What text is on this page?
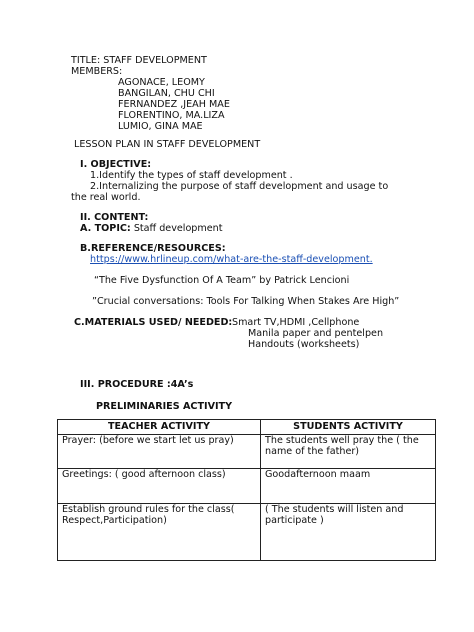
TITLE: STAFF DEVELOPMENT
MEMBERS:
AGONACE, LEOMY
BANGILAN, CHU CHI
FERNANDEZ ,JEAH MAE
FLORENTINO, MA.LIZA
LUMIO, GINA MAE
LESSON PLAN IN STAFF DEVELOPMENT
I. OBJECTIVE:
1.Identify the types of staff development .
2.Internalizing the purpose of staff development and usage to
the real world.
II. CONTENT:
A. TOPIC: Staff development
B.REFERENCE/RESOURCES:
https://www.hrlineup.com/what-are-the-staff-development.
“The Five Dysfunction Of A Team” by Patrick Lencioni
”Crucial conversations: Tools For Talking When Stakes Are High”
C.MATERIALS USED/ NEEDED: Smart TV,HDMI ,Cellphone
Manila paper and pentelpen
Handouts (worksheets)
III. PROCEDURE :4A’s
PRELIMINARIES ACTIVITY
TEACHER ACTIVITY	STUDENTS ACTIVITY
Prayer: (before we start let us pray)	The students well pray the ( the name of the father)
Greetings: ( good afternoon class)	Goodafternoon maam
Establish ground rules for the class( Respect,Participation)	( The students will listen and participate )
